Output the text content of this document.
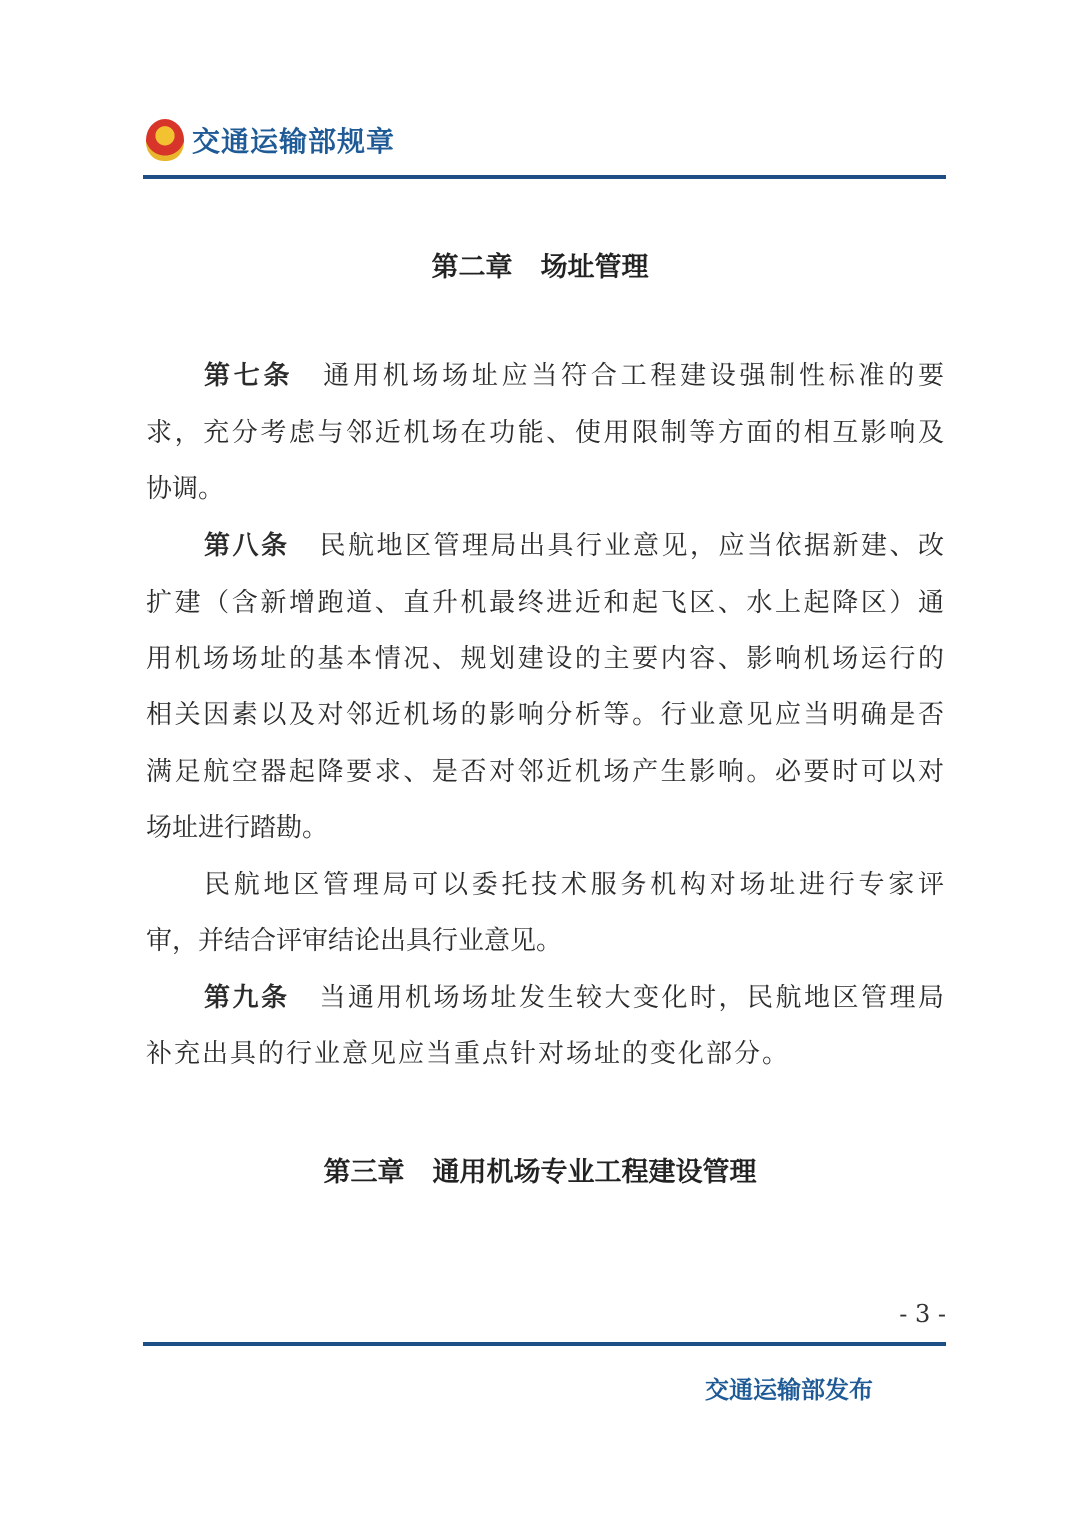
交通运输部规章
第二章 场址管理
第七条 通用机场场址应当符合工程建设强制性标准的要
求，充分考虑与邻近机场在功能、使用限制等方面的相互影响及
协调。
第八条 民航地区管理局出具行业意见，应当依据新建、改
扩建（含新增跑道、直升机最终进近和起飞区、水上起降区）通
用机场场址的基本情况、规划建设的主要内容、影响机场运行的
相关因素以及对邻近机场的影响分析等。行业意见应当明确是否
满足航空器起降要求、是否对邻近机场产生影响。必要时可以对
场址进行踏勘。
民航地区管理局可以委托技术服务机构对场址进行专家评
审，并结合评审结论出具行业意见。
第九条 当通用机场场址发生较大变化时，民航地区管理局
补充出具的行业意见应当重点针对场址的变化部分。
第三章 通用机场专业工程建设管理
- 3 -
交通运输部发布
